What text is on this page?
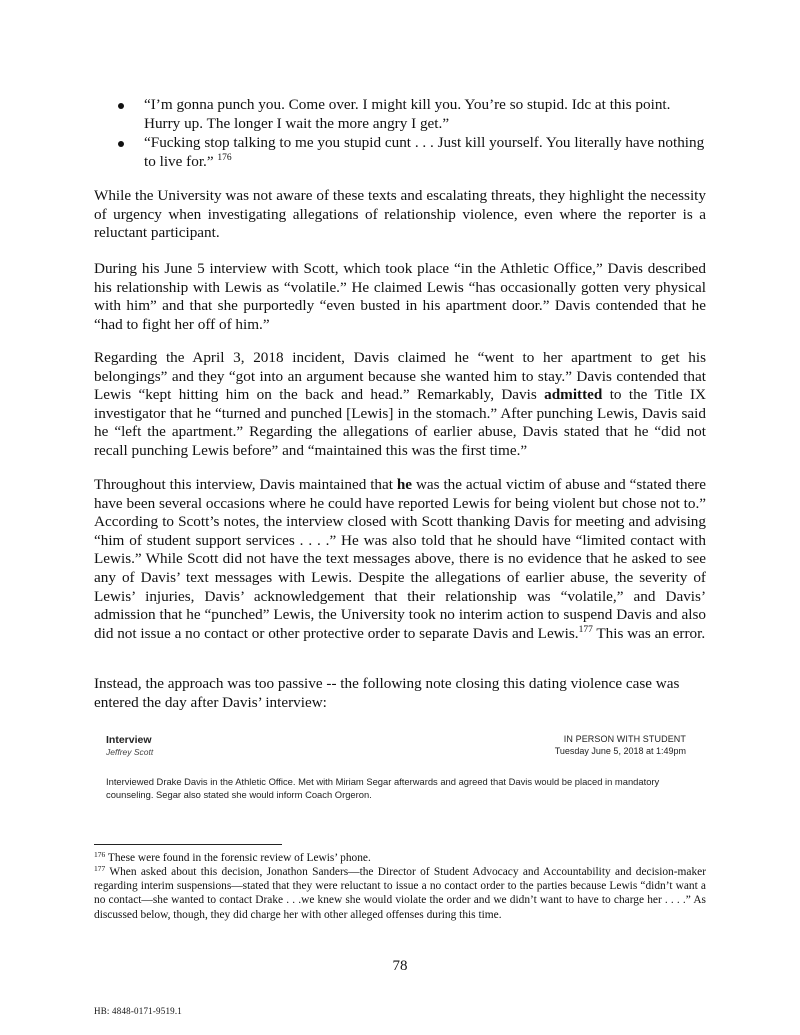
“I’m gonna punch you. Come over. I might kill you. You’re so stupid. Idc at this point. Hurry up. The longer I wait the more angry I get.”
“Fucking stop talking to me you stupid cunt . . . Just kill yourself. You literally have nothing to live for.” $^{176}$

While the University was not aware of these texts and escalating threats, they highlight the necessity of urgency when investigating allegations of relationship violence, even where the reporter is a reluctant participant.

During his June 5 interview with Scott, which took place “in the Athletic Office,” Davis described his relationship with Lewis as “volatile.” He claimed Lewis “has occasionally gotten very physical with him” and that she purportedly “even busted in his apartment door.” Davis contended that he “had to fight her off of him.”

Regarding the April 3, 2018 incident, Davis claimed he “went to her apartment to get his belongings” and they “got into an argument because she wanted him to stay.” Davis contended that Lewis “kept hitting him on the back and head.” Remarkably, Davis admitted to the Title IX investigator that he “turned and punched [Lewis] in the stomach.” After punching Lewis, Davis said he “left the apartment.” Regarding the allegations of earlier abuse, Davis stated that he “did not recall punching Lewis before” and “maintained this was the first time.”

Throughout this interview, Davis maintained that he was the actual victim of abuse and “stated there have been several occasions where he could have reported Lewis for being violent but chose not to.” According to Scott’s notes, the interview closed with Scott thanking Davis for meeting and advising “him of student support services . . . .” He was also told that he should have “limited contact with Lewis.” While Scott did not have the text messages above, there is no evidence that he asked to see any of Davis’ text messages with Lewis. Despite the allegations of earlier abuse, the severity of Lewis’ injuries, Davis’ acknowledgement that their relationship was “volatile,” and Davis’ admission that he “punched” Lewis, the University took no interim action to suspend Davis and also did not issue a no contact or other protective order to separate Davis and Lewis.$^{177}$ This was an error.

Instead, the approach was too passive -- the following note closing this dating violence case was entered the day after Davis’ interview:

Interview
Jeffrey Scott
IN PERSON WITH STUDENT
Tuesday June 5, 2018 at 1:49pm
Interviewed Drake Davis in the Athletic Office. Met with Miriam Segar afterwards and agreed that Davis would be placed in mandatory counseling. Segar also stated she would inform Coach Orgeron.

$^{176}$ These were found in the forensic review of Lewis’ phone.

$^{177}$ When asked about this decision, Jonathon Sanders—the Director of Student Advocacy and Accountability and decision-maker regarding interim suspensions—stated that they were reluctant to issue a no contact order to the parties because Lewis “didn’t want a no contact—she wanted to contact Drake . . .we knew she would violate the order and we didn’t want to have to charge her . . . .” As discussed below, though, they did charge her with other alleged offenses during this time.

78
HB: 4848-0171-9519.1
